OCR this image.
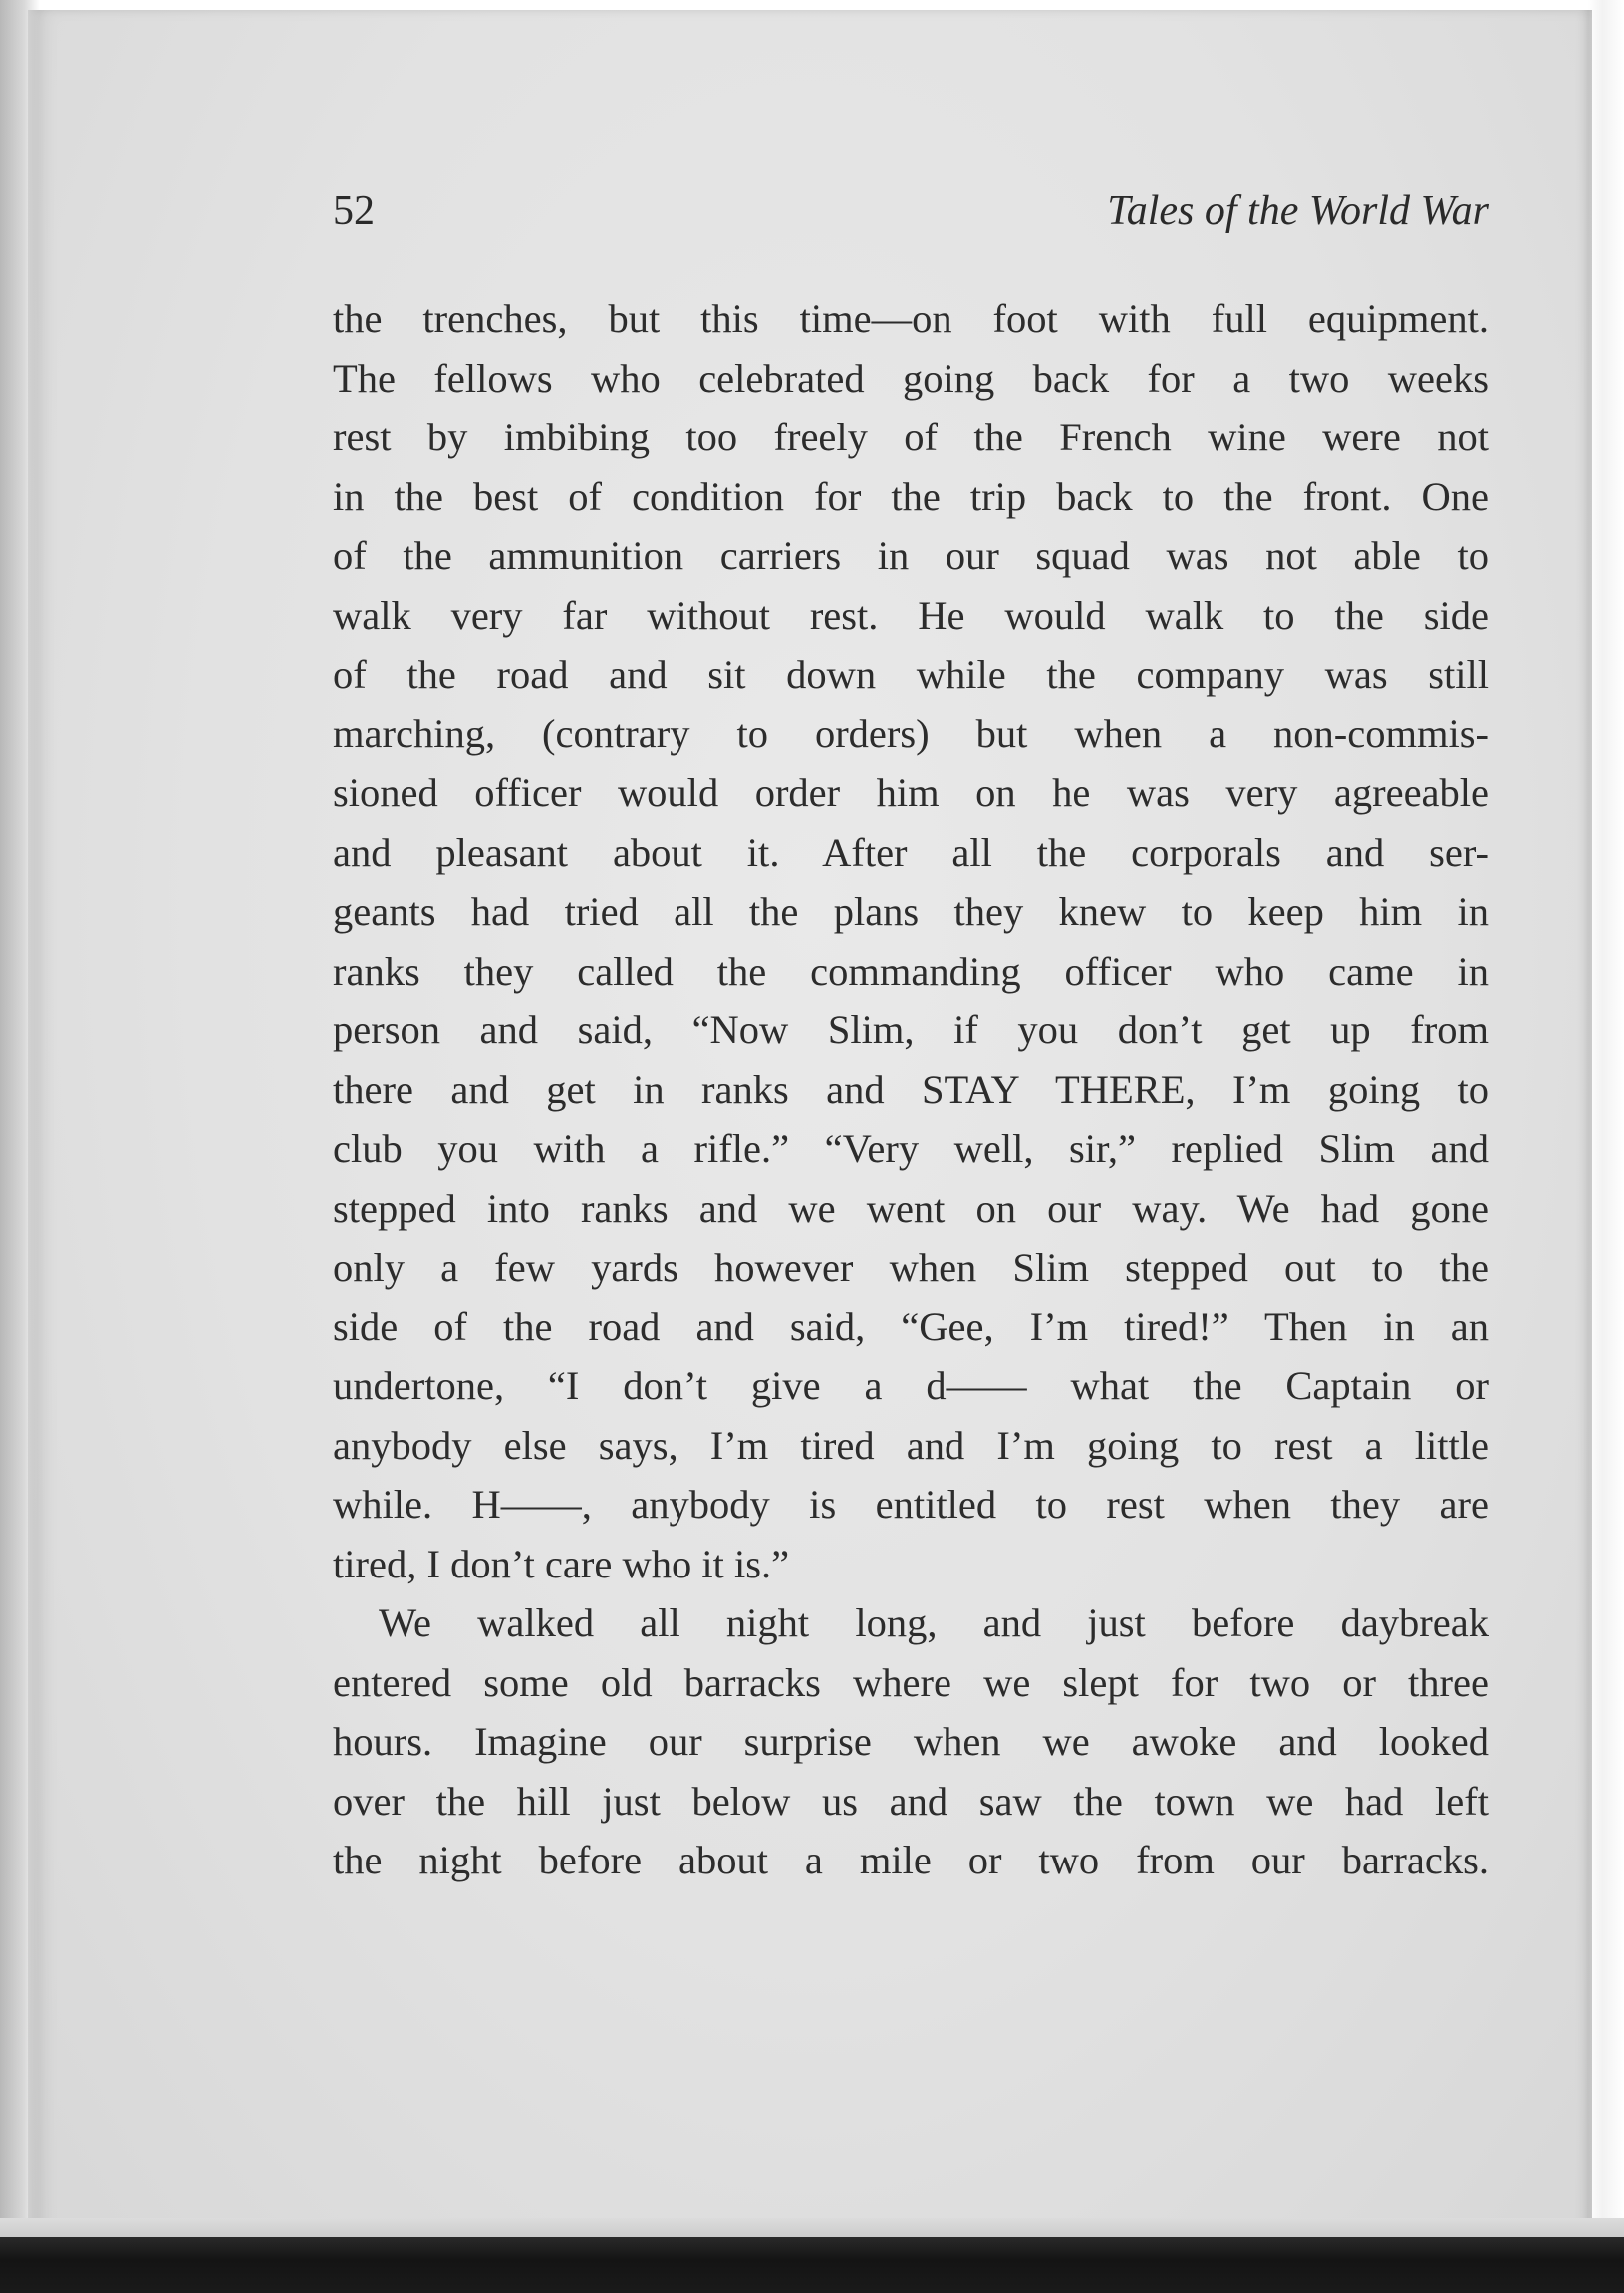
52	Tales of the World War
the trenches, but this time—on foot with full equipment.
The fellows who celebrated going back for a two weeks
rest by imbibing too freely of the French wine were not
in the best of condition for the trip back to the front. One
of the ammunition carriers in our squad was not able to
walk very far without rest. He would walk to the side
of the road and sit down while the company was still
marching, (contrary to orders) but when a non-commis-
sioned officer would order him on he was very agreeable
and pleasant about it. After all the corporals and ser-
geants had tried all the plans they knew to keep him in
ranks they called the commanding officer who came in
person and said, “Now Slim, if you don’t get up from
there and get in ranks and STAY THERE, I’m going to
club you with a rifle.” “Very well, sir,” replied Slim and
stepped into ranks and we went on our way. We had gone
only a few yards however when Slim stepped out to the
side of the road and said, “Gee, I’m tired!” Then in an
undertone, “I don’t give a d—— what the Captain or
anybody else says, I’m tired and I’m going to rest a little
while. H——, anybody is entitled to rest when they are
tired, I don’t care who it is.”
We walked all night long, and just before daybreak
entered some old barracks where we slept for two or three
hours. Imagine our surprise when we awoke and looked
over the hill just below us and saw the town we had left
the night before about a mile or two from our barracks.
